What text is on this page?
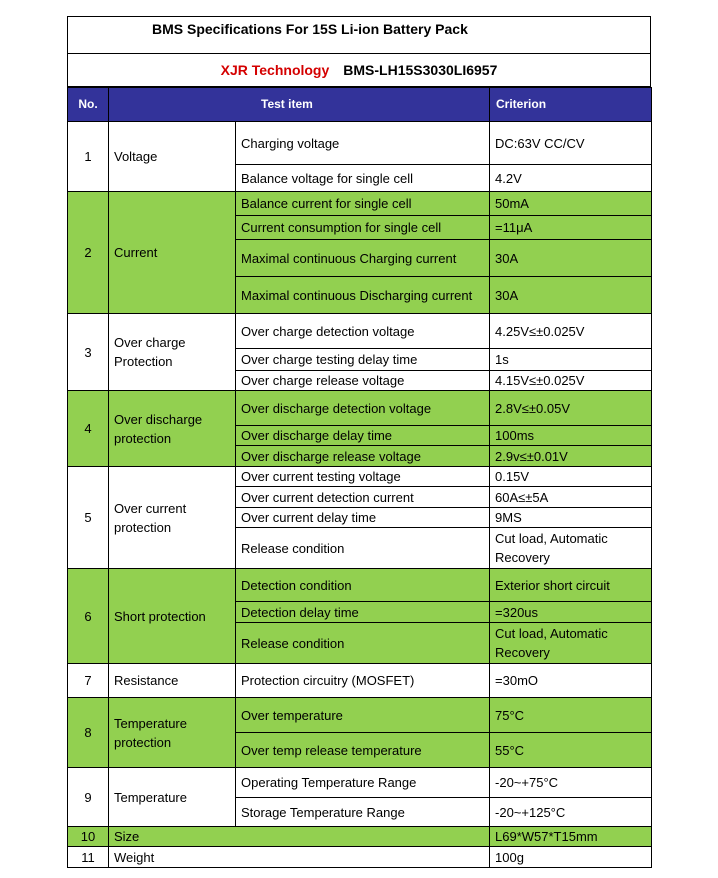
BMS Specifications For 15S Li-ion Battery Pack
XJR Technology BMS-LH15S3030LI6957
No.	Test item		Criterion
1	Voltage	Charging voltage	DC:63V CC/CV
		Balance voltage for single cell	4.2V
2	Current	Balance current for single cell	50mA
		Current consumption for single cell	=11μA
		Maximal continuous Charging current	30A
		Maximal continuous Discharging current	30A
3	Over charge Protection	Over charge detection voltage	4.25V≤±0.025V
		Over charge testing delay time	1s
		Over charge release voltage	4.15V≤±0.025V
4	Over discharge protection	Over discharge detection voltage	2.8V≤±0.05V
		Over discharge delay time	100ms
		Over discharge release voltage	2.9v≤±0.01V
5	Over current protection	Over current testing voltage	0.15V
		Over current detection current	60A≤±5A
		Over current delay time	9MS
		Release condition	Cut load, Automatic Recovery
6	Short protection	Detection condition	Exterior short circuit
		Detection delay time	=320us
		Release condition	Cut load, Automatic Recovery
7	Resistance	Protection circuitry (MOSFET)	=30mO
8	Temperature protection	Over temperature	75°C
		Over temp release temperature	55°C
9	Temperature	Operating Temperature Range	-20~+75°C
		Storage Temperature Range	-20~+125°C
10	Size		L69*W57*T15mm
11	Weight		100g
